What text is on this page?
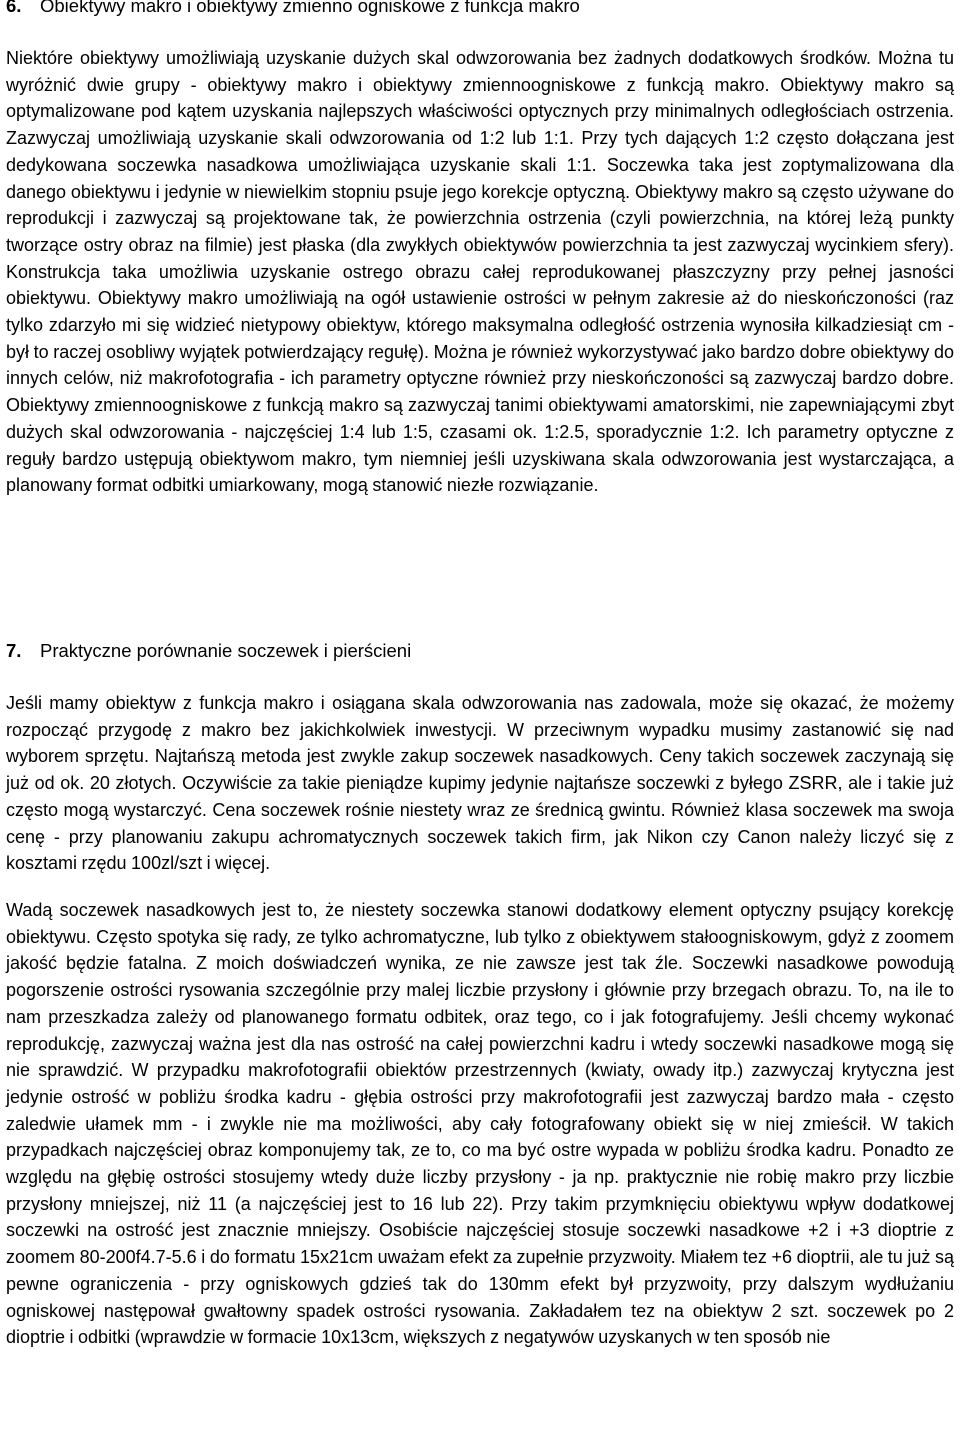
6. Obiektywy makro i obiektywy zmienno ogniskowe z funkcja makro

Niektóre obiektywy umożliwiają uzyskanie dużych skal odwzorowania bez żadnych dodatkowych środków. Można tu wyróżnić dwie grupy - obiektywy makro i obiektywy zmiennoogniskowe z funkcją makro. Obiektywy makro są optymalizowane pod kątem uzyskania najlepszych właściwości optycznych przy minimalnych odległościach ostrzenia. Zazwyczaj umożliwiają uzyskanie skali odwzorowania od 1:2 lub 1:1. Przy tych dających 1:2 często dołączana jest dedykowana soczewka nasadkowa umożliwiająca uzyskanie skali 1:1. Soczewka taka jest zoptymalizowana dla danego obiektywu i jedynie w niewielkim stopniu psuje jego korekcje optyczną. Obiektywy makro są często używane do reprodukcji i zazwyczaj są projektowane tak, że powierzchnia ostrzenia (czyli powierzchnia, na której leżą punkty tworzące ostry obraz na filmie) jest płaska (dla zwykłych obiektywów powierzchnia ta jest zazwyczaj wycinkiem sfery). Konstrukcja taka umożliwia uzyskanie ostrego obrazu całej reprodukowanej płaszczyzny przy pełnej jasności obiektywu. Obiektywy makro umożliwiają na ogół ustawienie ostrości w pełnym zakresie aż do nieskończoności (raz tylko zdarzyło mi się widzieć nietypowy obiektyw, którego maksymalna odległość ostrzenia wynosiła kilkadziesiąt cm - był to raczej osobliwy wyjątek potwierdzający regułę). Można je również wykorzystywać jako bardzo dobre obiektywy do innych celów, niż makrofotografia - ich parametry optyczne również przy nieskończoności są zazwyczaj bardzo dobre. Obiektywy zmiennoogniskowe z funkcją makro są zazwyczaj tanimi obiektywami amatorskimi, nie zapewniającymi zbyt dużych skal odwzorowania - najczęściej 1:4 lub 1:5, czasami ok. 1:2.5, sporadycznie 1:2. Ich parametry optyczne z reguły bardzo ustępują obiektywom makro, tym niemniej jeśli uzyskiwana skala odwzorowania jest wystarczająca, a planowany format odbitki umiarkowany, mogą stanowić niezłe rozwiązanie.

7. Praktyczne porównanie soczewek i pierścieni

Jeśli mamy obiektyw z funkcja makro i osiągana skala odwzorowania nas zadowala, może się okazać, że możemy rozpocząć przygodę z makro bez jakichkolwiek inwestycji. W przeciwnym wypadku musimy zastanowić się nad wyborem sprzętu. Najtańszą metoda jest zwykle zakup soczewek nasadkowych. Ceny takich soczewek zaczynają się już od ok. 20 złotych. Oczywiście za takie pieniądze kupimy jedynie najtańsze soczewki z byłego ZSRR, ale i takie już często mogą wystarczyć. Cena soczewek rośnie niestety wraz ze średnicą gwintu. Również klasa soczewek ma swoja cenę - przy planowaniu zakupu achromatycznych soczewek takich firm, jak Nikon czy Canon należy liczyć się z kosztami rzędu 100zl/szt i więcej.

Wadą soczewek nasadkowych jest to, że niestety soczewka stanowi dodatkowy element optyczny psujący korekcję obiektywu. Często spotyka się rady, ze tylko achromatyczne, lub tylko z obiektywem stałoogniskowym, gdyż z zoomem jakość będzie fatalna. Z moich doświadczeń wynika, ze nie zawsze jest tak źle. Soczewki nasadkowe powodują pogorszenie ostrości rysowania szczególnie przy malej liczbie przysłony i głównie przy brzegach obrazu. To, na ile to nam przeszkadza zależy od planowanego formatu odbitek, oraz tego, co i jak fotografujemy. Jeśli chcemy wykonać reprodukcję, zazwyczaj ważna jest dla nas ostrość na całej powierzchni kadru i wtedy soczewki nasadkowe mogą się nie sprawdzić. W przypadku makrofotografii obiektów przestrzennych (kwiaty, owady itp.) zazwyczaj krytyczna jest jedynie ostrość w pobliżu środka kadru - głębia ostrości przy makrofotografii jest zazwyczaj bardzo mała - często zaledwie ułamek mm - i zwykle nie ma możliwości, aby cały fotografowany obiekt się w niej zmieścił. W takich przypadkach najczęściej obraz komponujemy tak, ze to, co ma być ostre wypada w pobliżu środka kadru. Ponadto ze względu na głębię ostrości stosujemy wtedy duże liczby przysłony - ja np. praktycznie nie robię makro przy liczbie przysłony mniejszej, niż 11 (a najczęściej jest to 16 lub 22). Przy takim przymknięciu obiektywu wpływ dodatkowej soczewki na ostrość jest znacznie mniejszy. Osobiście najczęściej stosuje soczewki nasadkowe +2 i +3 dioptrie z zoomem 80-200f4.7-5.6 i do formatu 15x21cm uważam efekt za zupełnie przyzwoity. Miałem tez +6 dioptrii, ale tu już są pewne ograniczenia - przy ogniskowych gdzieś tak do 130mm efekt był przyzwoity, przy dalszym wydłużaniu ogniskowej następował gwałtowny spadek ostrości rysowania. Zakładałem tez na obiektyw 2 szt. soczewek po 2 dioptrie i odbitki (wprawdzie w formacie 10x13cm, większych z negatywów uzyskanych w ten sposób nie
